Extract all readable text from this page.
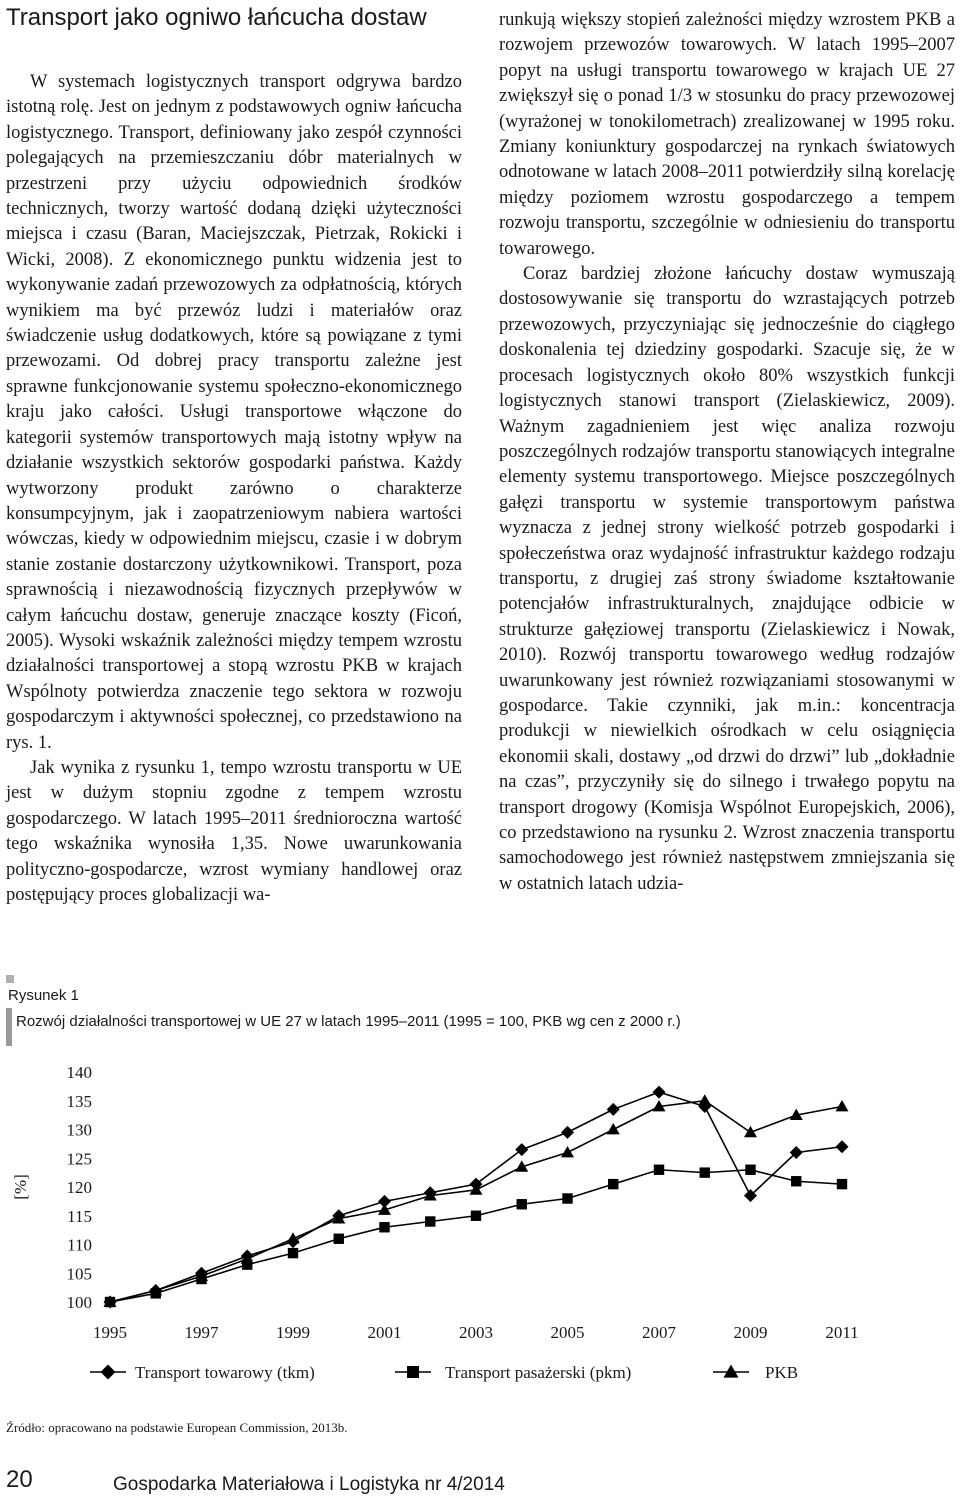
Transport jako ogniwo łańcucha dostaw

W systemach logistycznych transport odgrywa bardzo istotną rolę. Jest on jednym z podstawowych ogniw łańcucha logistycznego. Transport, definiowany jako zespół czynności polegających na przemieszczaniu dóbr materialnych w przestrzeni przy użyciu odpowiednich środków technicznych, tworzy wartość dodaną dzięki użyteczności miejsca i czasu (Baran, Maciejszczak, Pietrzak, Rokicki i Wicki, 2008). Z ekonomicznego punktu widzenia jest to wykonywanie zadań przewozowych za odpłatnością, których wynikiem ma być przewóz ludzi i materiałów oraz świadczenie usług dodatkowych, które są powiązane z tymi przewozami. Od dobrej pracy transportu zależne jest sprawne funkcjonowanie systemu społeczno-ekonomicznego kraju jako całości. Usługi transportowe włączone do kategorii systemów transportowych mają istotny wpływ na działanie wszystkich sektorów gospodarki państwa. Każdy wytworzony produkt zarówno o charakterze konsumpcyjnym, jak i zaopatrzeniowym nabiera wartości wówczas, kiedy w odpowiednim miejscu, czasie i w dobrym stanie zostanie dostarczony użytkownikowi. Transport, poza sprawnością i niezawodnością fizycznych przepływów w całym łańcuchu dostaw, generuje znaczące koszty (Ficoń, 2005). Wysoki wskaźnik zależności między tempem wzrostu działalności transportowej a stopą wzrostu PKB w krajach Wspólnoty potwierdza znaczenie tego sektora w rozwoju gospodarczym i aktywności społecznej, co przedstawiono na rys. 1.

Jak wynika z rysunku 1, tempo wzrostu transportu w UE jest w dużym stopniu zgodne z tempem wzrostu gospodarczego. W latach 1995–2011 średnioroczna wartość tego wskaźnika wynosiła 1,35. Nowe uwarunkowania polityczno-gospodarcze, wzrost wymiany handlowej oraz postępujący proces globalizacji wa-

runkują większy stopień zależności między wzrostem PKB a rozwojem przewozów towarowych. W latach 1995–2007 popyt na usługi transportu towarowego w krajach UE 27 zwiększył się o ponad 1/3 w stosunku do pracy przewozowej (wyrażonej w tonokilometrach) zrealizowanej w 1995 roku. Zmiany koniunktury gospodarczej na rynkach światowych odnotowane w latach 2008–2011 potwierdziły silną korelację między poziomem wzrostu gospodarczego a tempem rozwoju transportu, szczególnie w odniesieniu do transportu towarowego.

Coraz bardziej złożone łańcuchy dostaw wymuszają dostosowywanie się transportu do wzrastających potrzeb przewozowych, przyczyniając się jednocześnie do ciągłego doskonalenia tej dziedziny gospodarki. Szacuje się, że w procesach logistycznych około 80% wszystkich funkcji logistycznych stanowi transport (Zielaskiewicz, 2009). Ważnym zagadnieniem jest więc analiza rozwoju poszczególnych rodzajów transportu stanowiących integralne elementy systemu transportowego. Miejsce poszczególnych gałęzi transportu w systemie transportowym państwa wyznacza z jednej strony wielkość potrzeb gospodarki i społeczeństwa oraz wydajność infrastruktur każdego rodzaju transportu, z drugiej zaś strony świadome kształtowanie potencjałów infrastrukturalnych, znajdujące odbicie w strukturze gałęziowej transportu (Zielaskiewicz i Nowak, 2010). Rozwój transportu towarowego według rodzajów uwarunkowany jest również rozwiązaniami stosowanymi w gospodarce. Takie czynniki, jak m.in.: koncentracja produkcji w niewielkich ośrodkach w celu osiągnięcia ekonomii skali, dostawy „od drzwi do drzwi” lub „dokładnie na czas”, przyczyniły się do silnego i trwałego popytu na transport drogowy (Komisja Wspólnot Europejskich, 2006), co przedstawiono na rysunku 2. Wzrost znaczenia transportu samochodowego jest również następstwem zmniejszania się w ostatnich latach udzia-

Rysunek 1
Rozwój działalności transportowej w UE 27 w latach 1995–2011 (1995 = 100, PKB wg cen z 2000 r.)
[%]
100
105
110
115
120
125
130
135
140
1995	1997	1999	2001	2003	2005	2007	2009	2011
Transport towarowy (tkm)	Transport pasażerski (pkm)	PKB
Źródło: opracowano na podstawie European Commission, 2013b.
20	Gospodarka Materiałowa i Logistyka nr 4/2014
